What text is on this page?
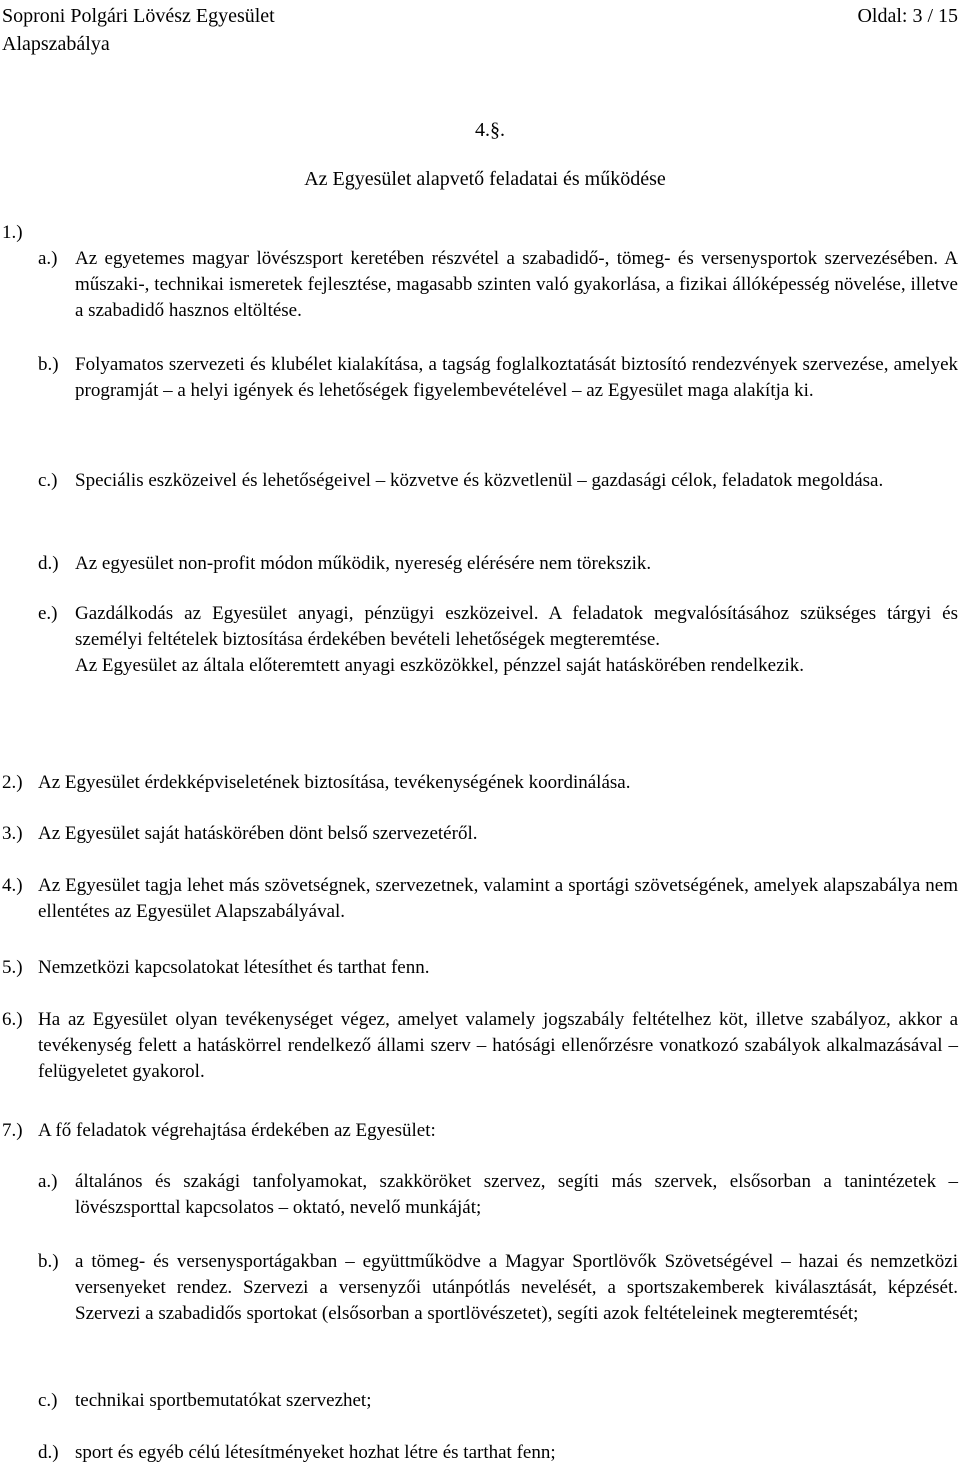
Soproni Polgári Lövész Egyesület	Oldal: 3 / 15
Alapszabálya
4.§.
Az Egyesület alapvető feladatai és működése
1.)
a.) Az egyetemes magyar lövészsport keretében részvétel a szabadidő-, tömeg- és versenysportok szervezésében. A műszaki-, technikai ismeretek fejlesztése, magasabb szinten való gyakorlása, a fizikai állóképesség növelése, illetve a szabadidő hasznos eltöltése.
b.) Folyamatos szervezeti és klubélet kialakítása, a tagság foglalkoztatását biztosító rendezvények szervezése, amelyek programját – a helyi igények és lehetőségek figyelembevételével – az Egyesület maga alakítja ki.
c.) Speciális eszközeivel és lehetőségeivel – közvetve és közvetlenül – gazdasági célok, feladatok megoldása.
d.) Az egyesület non-profit módon működik, nyereség elérésére nem törekszik.
e.) Gazdálkodás az Egyesület anyagi, pénzügyi eszközeivel. A feladatok megvalósításához szükséges tárgyi és személyi feltételek biztosítása érdekében bevételi lehetőségek megteremtése.
Az Egyesület az általa előteremtett anyagi eszközökkel, pénzzel saját hatáskörében rendelkezik.
2.) Az Egyesület érdekképviseletének biztosítása, tevékenységének koordinálása.
3.) Az Egyesület saját hatáskörében dönt belső szervezetéről.
4.) Az Egyesület tagja lehet más szövetségnek, szervezetnek, valamint a sportági szövetségének, amelyek alapszabálya nem ellentétes az Egyesület Alapszabályával.
5.) Nemzetközi kapcsolatokat létesíthet és tarthat fenn.
6.) Ha az Egyesület olyan tevékenységet végez, amelyet valamely jogszabály feltételhez köt, illetve szabályoz, akkor a tevékenység felett a hatáskörrel rendelkező állami szerv – hatósági ellenőrzésre vonatkozó szabályok alkalmazásával – felügyeletet gyakorol.
7.) A fő feladatok végrehajtása érdekében az Egyesület:
a.) általános és szakági tanfolyamokat, szakköröket szervez, segíti más szervek, elsősorban a tanintézetek – lövészsporttal kapcsolatos – oktató, nevelő munkáját;
b.) a tömeg- és versenysportágakban – együttműködve a Magyar Sportlövők Szövetségével – hazai és nemzetközi versenyeket rendez. Szervezi a versenyzői utánpótlás nevelését, a sportszakemberek kiválasztását, képzését. Szervezi a szabadidős sportokat (elsősorban a sportlövészetet), segíti azok feltételeinek megteremtését;
c.) technikai sportbemutatókat szervezhet;
d.) sport és egyéb célú létesítményeket hozhat létre és tarthat fenn;
